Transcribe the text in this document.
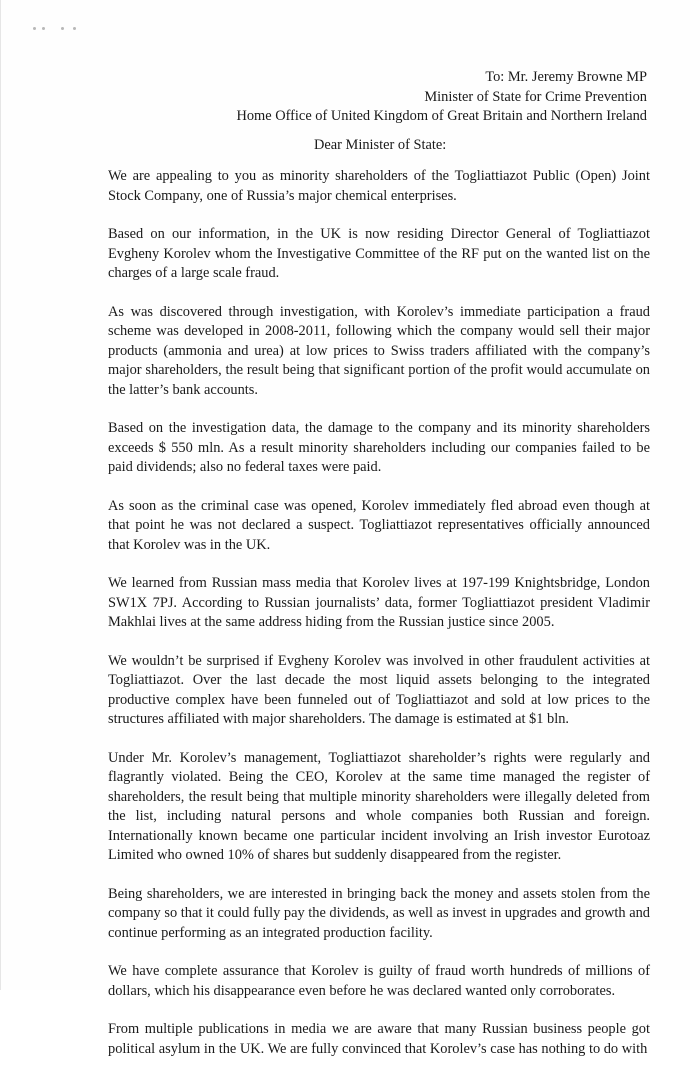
To: Mr. Jeremy Browne MP
Minister of State for Crime Prevention
Home Office of United Kingdom of Great Britain and Northern Ireland
Dear Minister of State:

We are appealing to you as minority shareholders of the Togliattiazot Public (Open) Joint Stock Company, one of Russia’s major chemical enterprises.

Based on our information, in the UK is now residing Director General of Togliattiazot Evgheny Korolev whom the Investigative Committee of the RF put on the wanted list on the charges of a large scale fraud.

As was discovered through investigation, with Korolev’s immediate participation a fraud scheme was developed in 2008-2011, following which the company would sell their major products (ammonia and urea) at low prices to Swiss traders affiliated with the company’s major shareholders, the result being that significant portion of the profit would accumulate on the latter’s bank accounts.

Based on the investigation data, the damage to the company and its minority shareholders exceeds $ 550 mln. As a result minority shareholders including our companies failed to be paid dividends; also no federal taxes were paid.

As soon as the criminal case was opened, Korolev immediately fled abroad even though at that point he was not declared a suspect. Togliattiazot representatives officially announced that Korolev was in the UK.

We learned from Russian mass media that Korolev lives at 197-199 Knightsbridge, London SW1X 7PJ. According to Russian journalists’ data, former Togliattiazot president Vladimir Makhlai lives at the same address hiding from the Russian justice since 2005.

We wouldn’t be surprised if Evgheny Korolev was involved in other fraudulent activities at Togliattiazot. Over the last decade the most liquid assets belonging to the integrated productive complex have been funneled out of Togliattiazot and sold at low prices to the structures affiliated with major shareholders. The damage is estimated at $1 bln.

Under Mr. Korolev’s management, Togliattiazot shareholder’s rights were regularly and flagrantly violated. Being the CEO, Korolev at the same time managed the register of shareholders, the result being that multiple minority shareholders were illegally deleted from the list, including natural persons and whole companies both Russian and foreign. Internationally known became one particular incident involving an Irish investor Eurotoaz Limited who owned 10% of shares but suddenly disappeared from the register.

Being shareholders, we are interested in bringing back the money and assets stolen from the company so that it could fully pay the dividends, as well as invest in upgrades and growth and continue performing as an integrated production facility.

We have complete assurance that Korolev is guilty of fraud worth hundreds of millions of dollars, which his disappearance even before he was declared wanted only corroborates.

From multiple publications in media we are aware that many Russian business people got political asylum in the UK. We are fully convinced that Korolev’s case has nothing to do with
